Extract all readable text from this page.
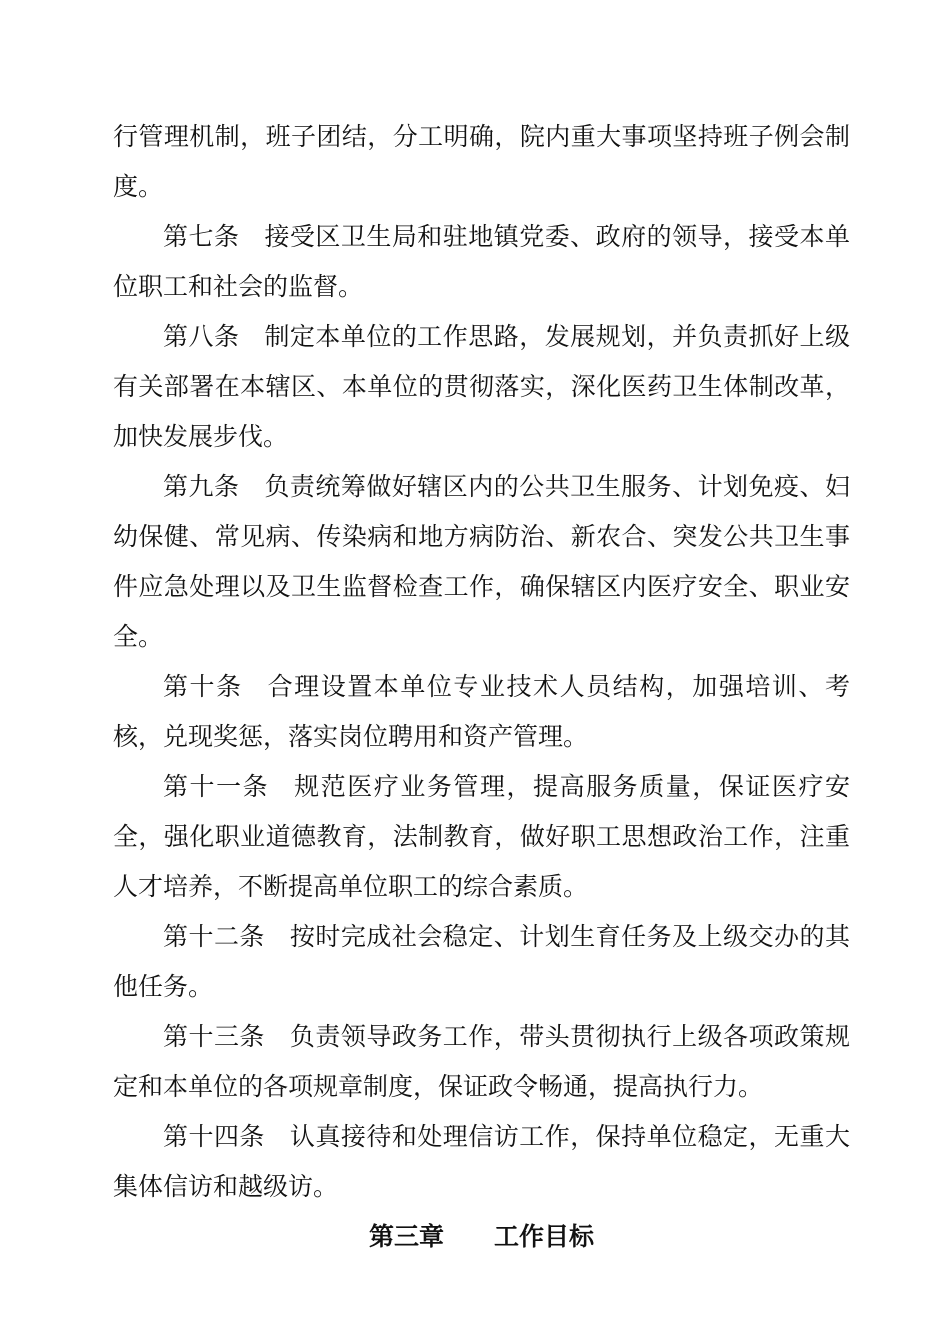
行管理机制，班子团结，分工明确，院内重大事项坚持班子例会制度。

第七条 接受区卫生局和驻地镇党委、政府的领导，接受本单位职工和社会的监督。

第八条 制定本单位的工作思路，发展规划，并负责抓好上级有关部署在本辖区、本单位的贯彻落实，深化医药卫生体制改革，加快发展步伐。

第九条 负责统筹做好辖区内的公共卫生服务、计划免疫、妇幼保健、常见病、传染病和地方病防治、新农合、突发公共卫生事件应急处理以及卫生监督检查工作，确保辖区内医疗安全、职业安全。

第十条 合理设置本单位专业技术人员结构，加强培训、考核，兑现奖惩，落实岗位聘用和资产管理。

第十一条 规范医疗业务管理，提高服务质量，保证医疗安全，强化职业道德教育，法制教育，做好职工思想政治工作，注重人才培养，不断提高单位职工的综合素质。

第十二条 按时完成社会稳定、计划生育任务及上级交办的其他任务。

第十三条 负责领导政务工作，带头贯彻执行上级各项政策规定和本单位的各项规章制度，保证政令畅通，提高执行力。

第十四条 认真接待和处理信访工作，保持单位稳定，无重大集体信访和越级访。

第三章 工作目标
